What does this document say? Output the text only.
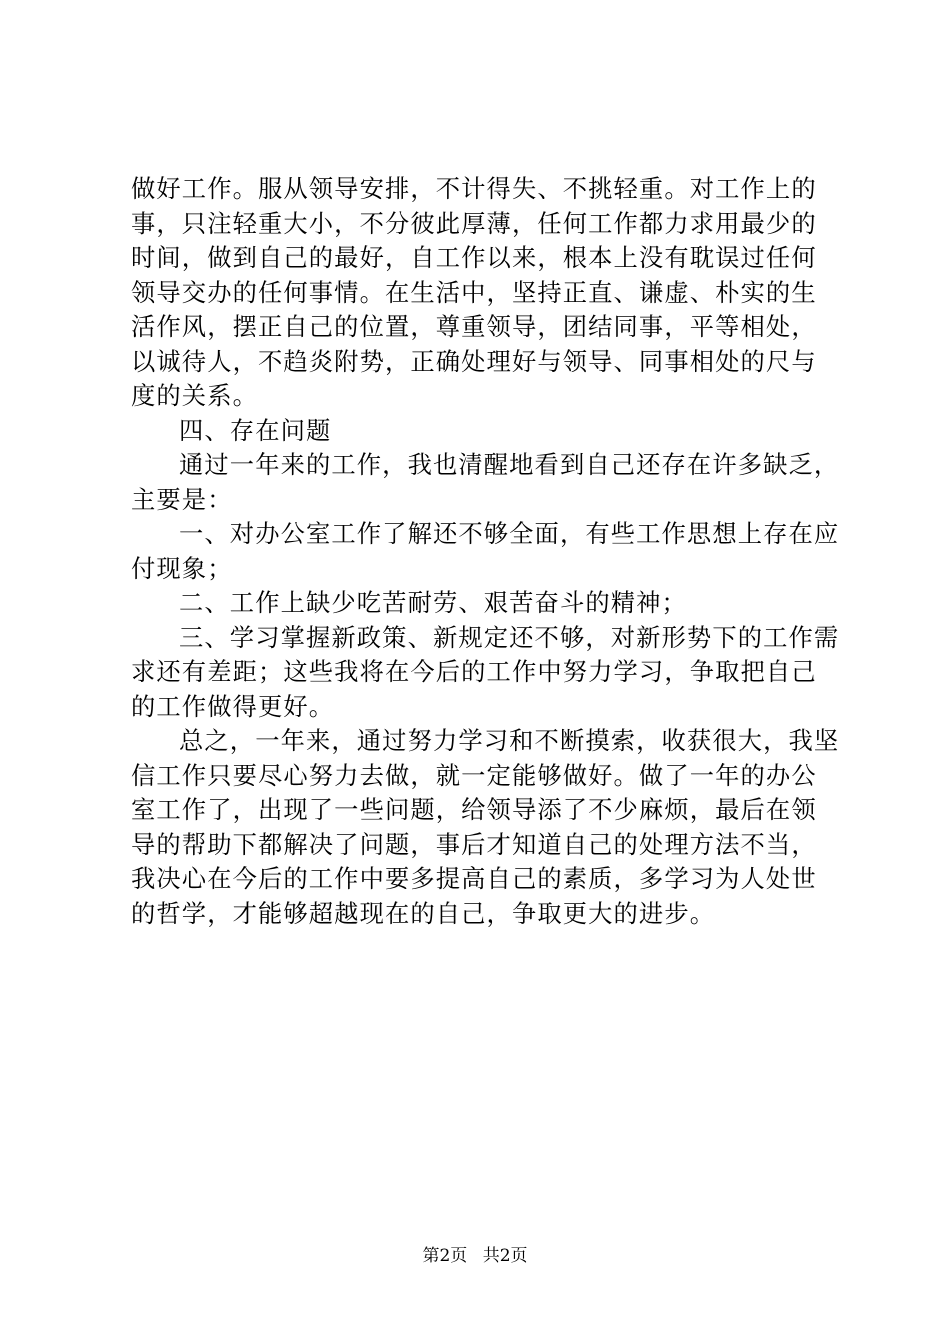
做好工作。服从领导安排，不计得失、不挑轻重。对工作上的
事，只注轻重大小，不分彼此厚薄，任何工作都力求用最少的
时间，做到自己的最好，自工作以来，根本上没有耽误过任何
领导交办的任何事情。在生活中，坚持正直、谦虚、朴实的生
活作风，摆正自己的位置，尊重领导，团结同事，平等相处，
以诚待人，不趋炎附势，正确处理好与领导、同事相处的尺与
度的关系。
四、存在问题
通过一年来的工作，我也清醒地看到自己还存在许多缺乏，
主要是：
一、对办公室工作了解还不够全面，有些工作思想上存在应
付现象；
二、工作上缺少吃苦耐劳、艰苦奋斗的精神；
三、学习掌握新政策、新规定还不够，对新形势下的工作需
求还有差距；这些我将在今后的工作中努力学习，争取把自己
的工作做得更好。
总之，一年来，通过努力学习和不断摸索，收获很大，我坚
信工作只要尽心努力去做，就一定能够做好。做了一年的办公
室工作了，出现了一些问题，给领导添了不少麻烦，最后在领
导的帮助下都解决了问题，事后才知道自己的处理方法不当，
我决心在今后的工作中要多提高自己的素质，多学习为人处世
的哲学，才能够超越现在的自己，争取更大的进步。
第2页 共2页
